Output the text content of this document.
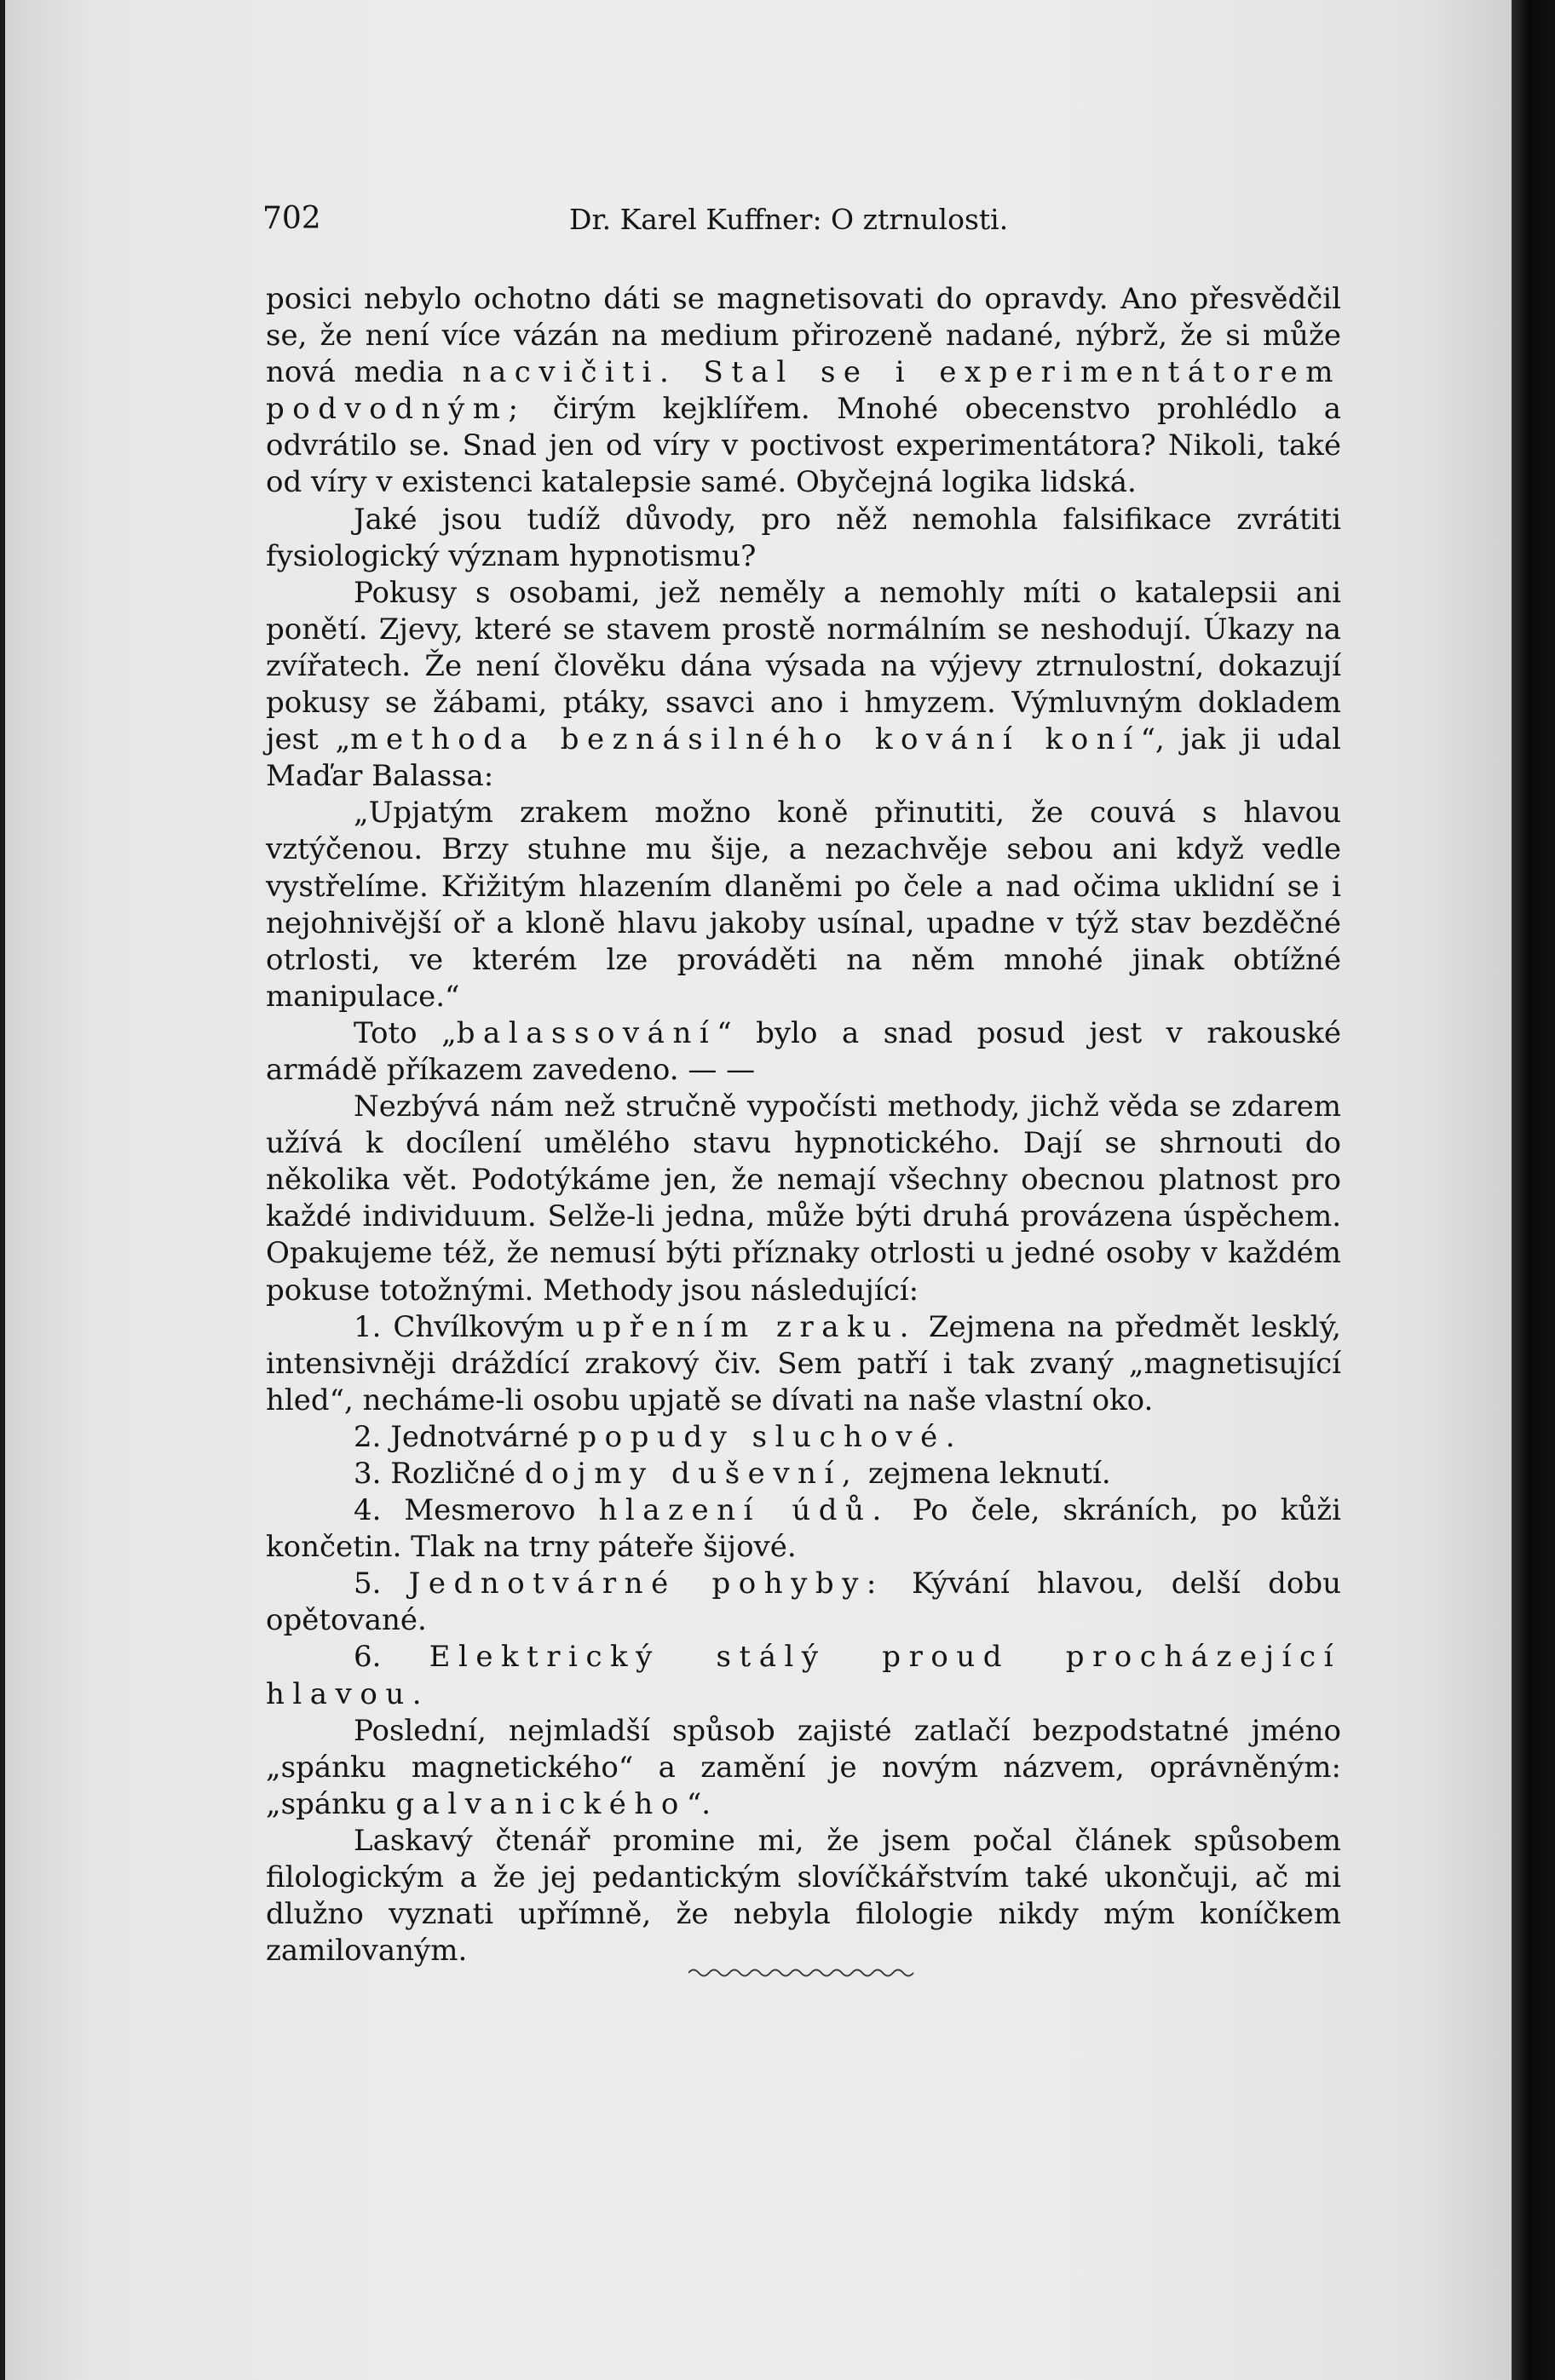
702	Dr. Karel Kuffner: O ztrnulosti.

posici nebylo ochotno dáti se magnetisovati do opravdy. Ano přesvědčil se, že není více vázán na medium přirozeně nadané, nýbrž, že si může nová media nacvičiti. Stal se i experimentátorem podvodným; čirým kejklířem. Mnohé obecenstvo prohlédlo a odvrátilo se. Snad jen od víry v poctivost experimentátora? Nikoli, také od víry v existenci katalepsie samé. Obyčejná logika lidská.

Jaké jsou tudíž důvody, pro něž nemohla falsifikace zvrátiti fysiologický význam hypnotismu?

Pokusy s osobami, jež neměly a nemohly míti o katalepsii ani ponětí. Zjevy, které se stavem prostě normálním se neshodují. Úkazy na zvířatech. Že není člověku dána výsada na výjevy ztrnulostní, dokazují pokusy se žábami, ptáky, ssavci ano i hmyzem. Výmluvným dokladem jest „methoda beznásilného kování koní“, jak ji udal Maďar Balassa:

„Upjatým zrakem možno koně přinutiti, že couvá s hlavou vztýčenou. Brzy stuhne mu šije, a nezachvěje sebou ani když vedle vystřelíme. Křižitým hlazením dlaněmi po čele a nad očima uklidní se i nejohnivější oř a kloně hlavu jakoby usínal, upadne v týž stav bezděčné otrlosti, ve kterém lze prováděti na něm mnohé jinak obtížné manipulace.“

Toto „balassování“ bylo a snad posud jest v rakouské armádě příkazem zavedeno. — —

Nezbývá nám než stručně vypočísti methody, jichž věda se zdarem užívá k docílení umělého stavu hypnotického. Dají se shrnouti do několika vět. Podotýkáme jen, že nemají všechny obecnou platnost pro každé individuum. Selže-li jedna, může býti druhá provázena úspěchem. Opakujeme též, že nemusí býti příznaky otrlosti u jedné osoby v každém pokuse totožnými. Methody jsou následující:

1. Chvílkovým upřením zraku. Zejmena na předmět lesklý, intensivněji dráždící zrakový čiv. Sem patří i tak zvaný „magnetisující hled“, necháme-li osobu upjatě se dívati na naše vlastní oko.

2. Jednotvárné popudy sluchové.

3. Rozličné dojmy duševní, zejmena leknutí.

4. Mesmerovo hlazení údů. Po čele, skráních, po kůži končetin. Tlak na trny páteře šijové.

5. Jednotvárné pohyby: Kývání hlavou, delší dobu opětované.

6. Elektrický stálý proud procházející hlavou.

Poslední, nejmladší spůsob zajisté zatlačí bezpodstatné jméno „spánku magnetického“ a zamění je novým názvem, oprávněným: „spánku galvanického“.

Laskavý čtenář promine mi, že jsem počal článek spůsobem filologickým a že jej pedantickým slovíčkářstvím také ukončuji, ač mi dlužno vyznati upřímně, že nebyla filologie nikdy mým koníčkem zamilovaným.
